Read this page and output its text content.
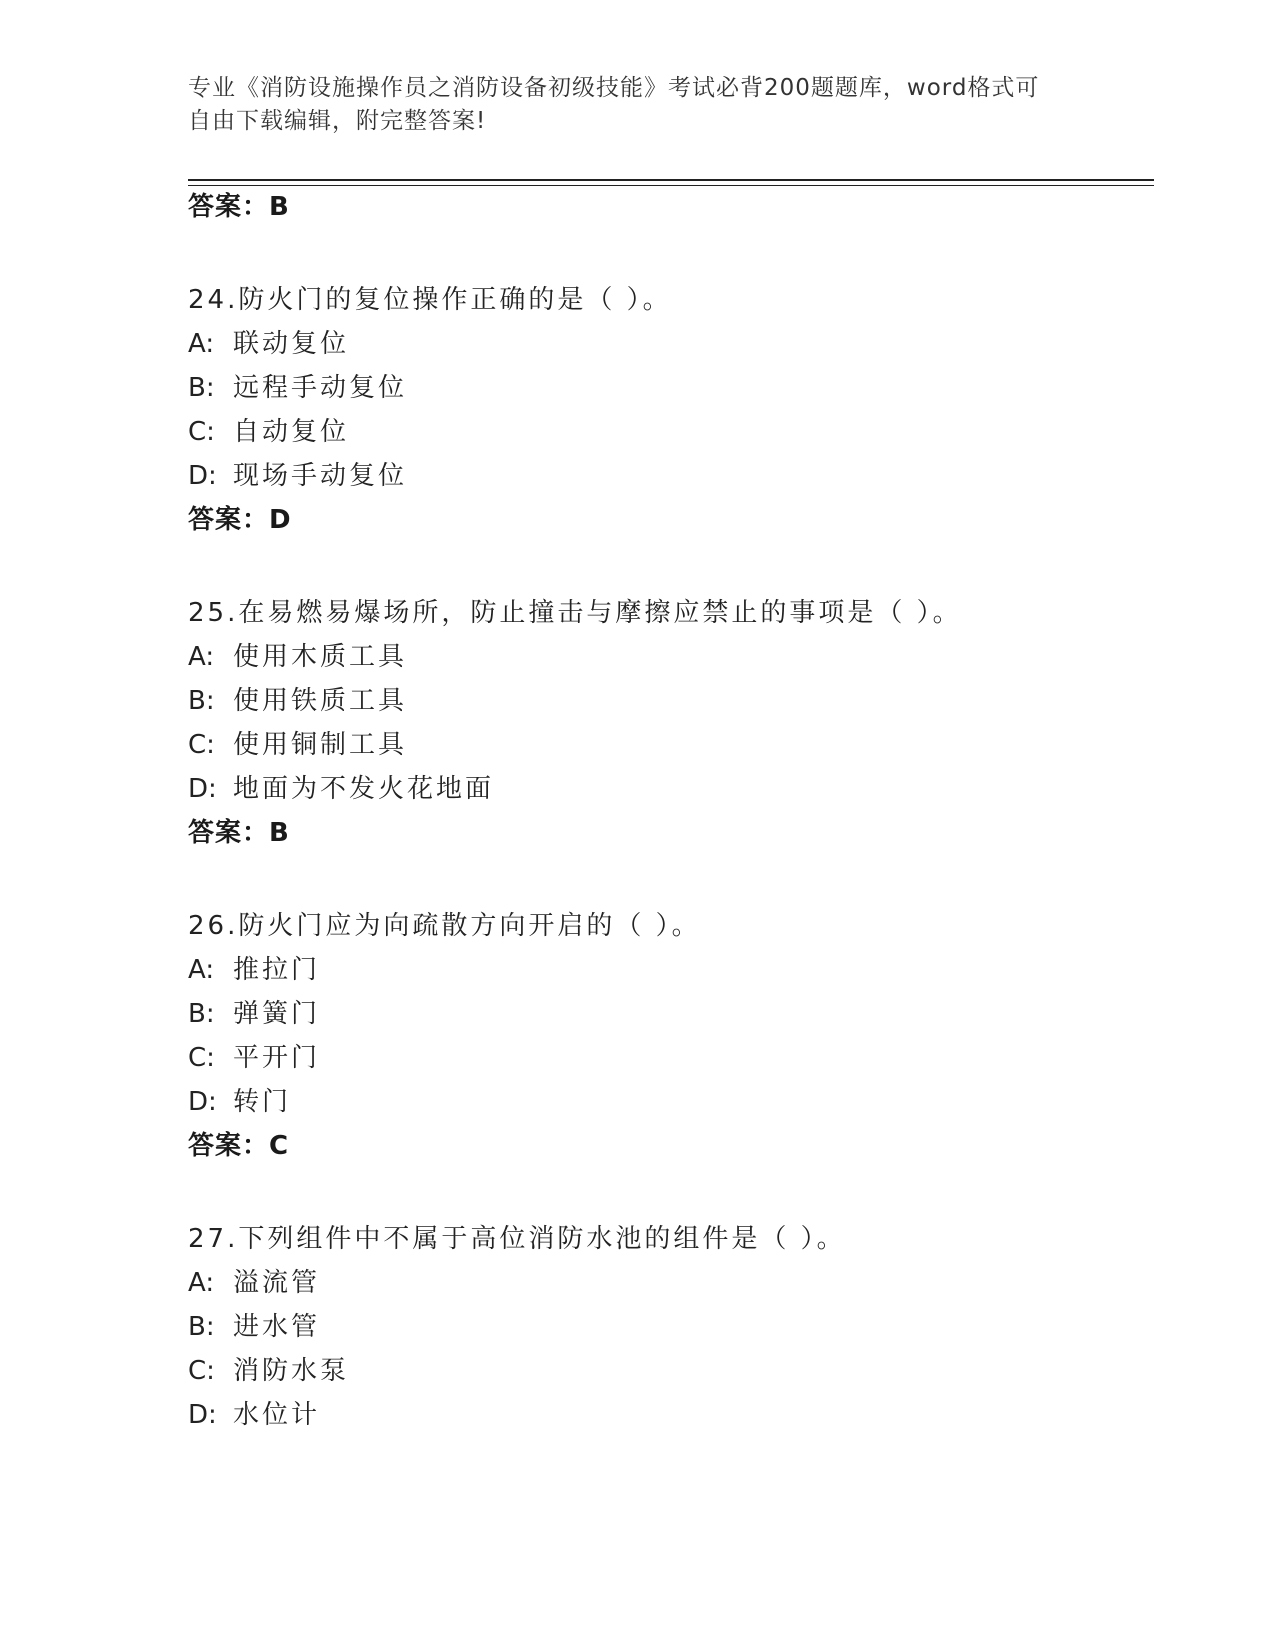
专业《消防设施操作员之消防设备初级技能》考试必背200题题库，word格式可
自由下载编辑，附完整答案!
答案：B
24.防火门的复位操作正确的是（ ）。
A: 联动复位
B: 远程手动复位
C: 自动复位
D: 现场手动复位
答案：D
25.在易燃易爆场所，防止撞击与摩擦应禁止的事项是（ ）。
A: 使用木质工具
B: 使用铁质工具
C: 使用铜制工具
D: 地面为不发火花地面
答案：B
26.防火门应为向疏散方向开启的（ ）。
A: 推拉门
B: 弹簧门
C: 平开门
D: 转门
答案：C
27.下列组件中不属于高位消防水池的组件是（ ）。
A: 溢流管
B: 进水管
C: 消防水泵
D: 水位计
